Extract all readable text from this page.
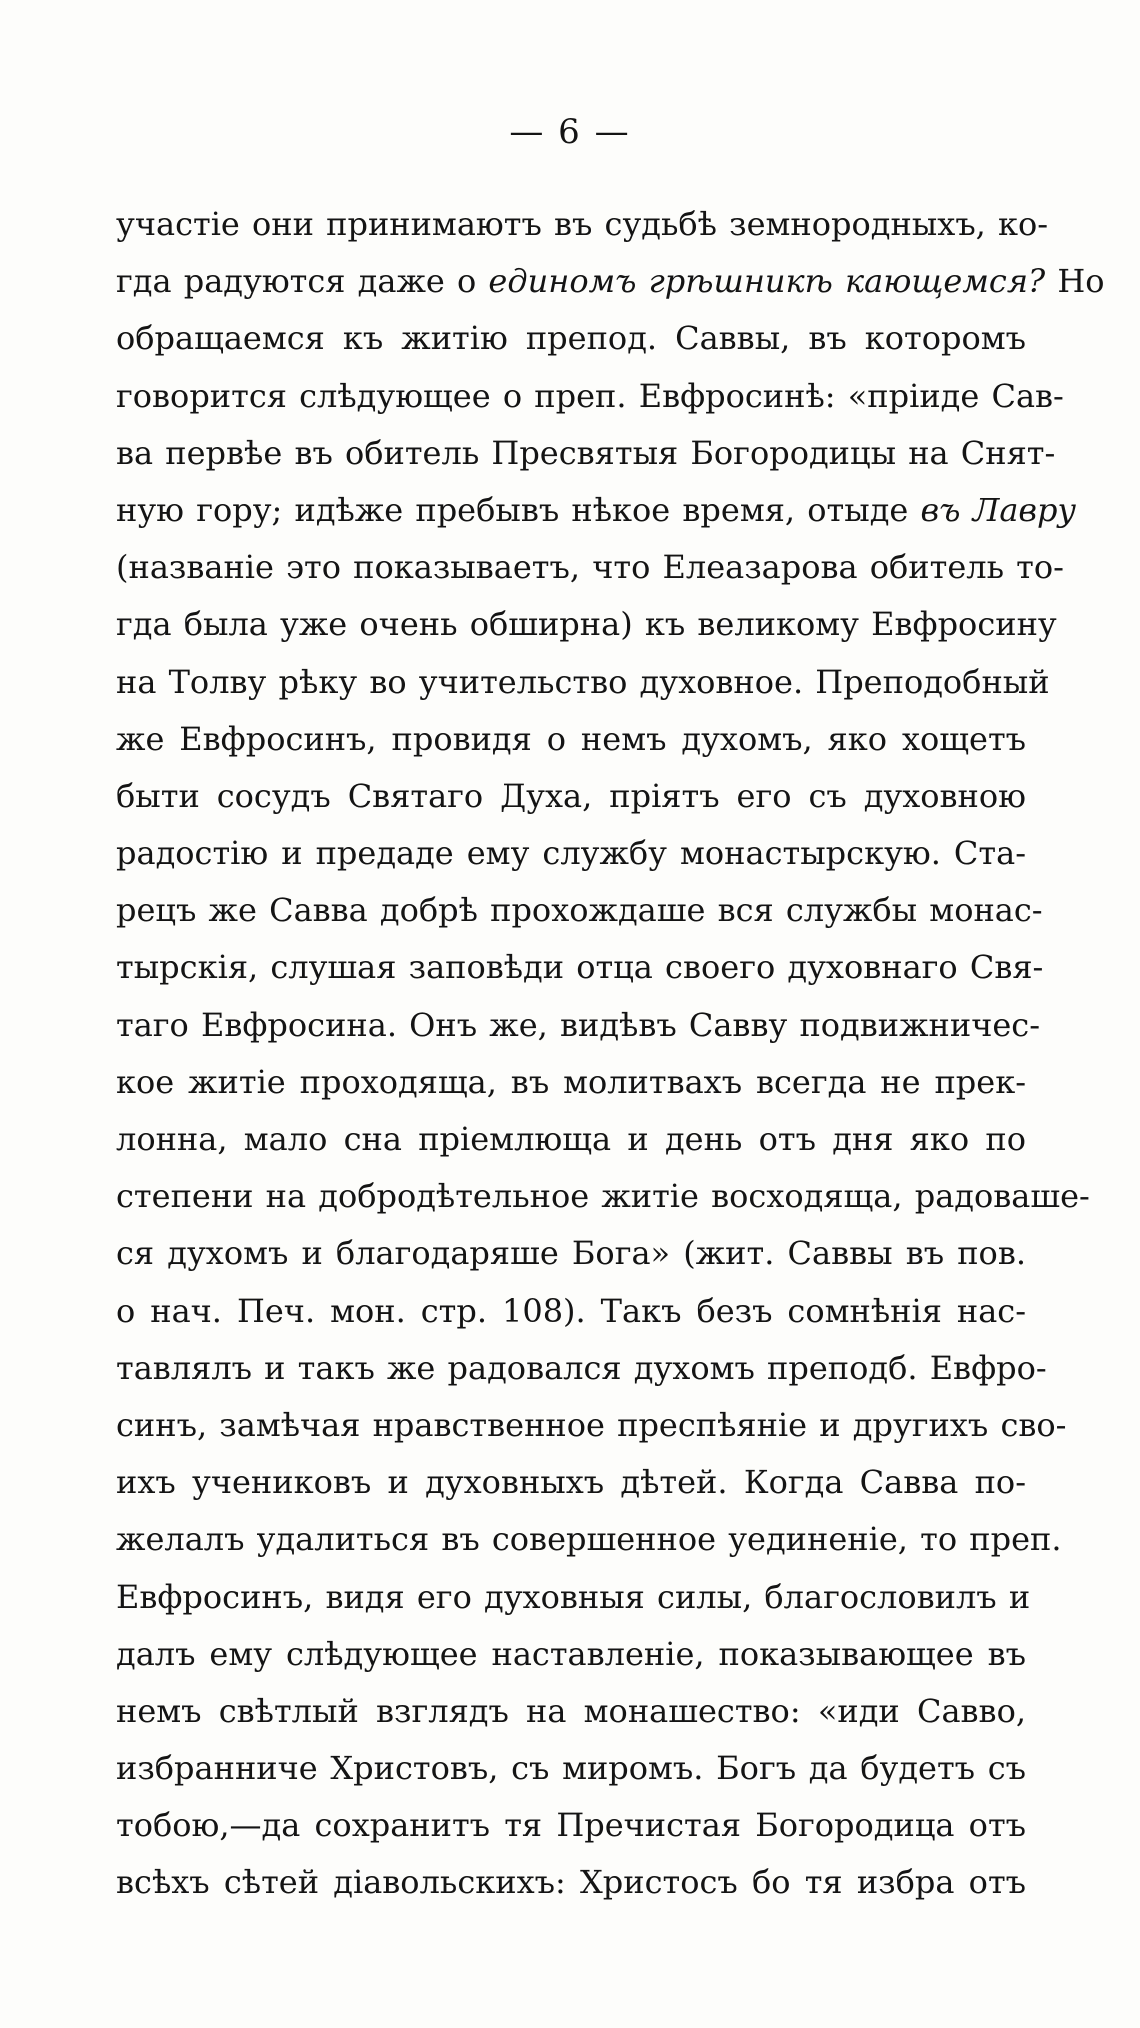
— 6 —
участіе они принимаютъ въ судьбѣ земнородныхъ, ко-
гда радуются даже о единомъ грѣшникѣ кающемся? Но
обращаемся къ житію препод. Саввы, въ которомъ
говорится слѣдующее о преп. Евфросинѣ: «пріиде Сав-
ва первѣе въ обитель Пресвятыя Богородицы на Снят-
ную гору; идѣже пребывъ нѣкое время, отыде въ Лавру
(названіе это показываетъ, что Елеазарова обитель то-
гда была уже очень обширна) къ великому Евфросину
на Толву рѣку во учительство духовное. Преподобный
же Евфросинъ, провидя о немъ духомъ, яко хощетъ
быти сосудъ Святаго Духа, пріятъ его съ духовною
радостію и предаде ему службу монастырскую. Ста-
рецъ же Савва добрѣ прохождаше вся службы монас-
тырскія, слушая заповѣди отца своего духовнаго Свя-
таго Евфросина. Онъ же, видѣвъ Савву подвижничес-
кое житіе проходяща, въ молитвахъ всегда не прек-
лонна, мало сна пріемлюща и день отъ дня яко по
степени на добродѣтельное житіе восходяща, радоваше-
ся духомъ и благодаряше Бога» (жит. Саввы въ пов.
о нач. Печ. мон. стр. 108). Такъ безъ сомнѣнія нас-
тавлялъ и такъ же радовался духомъ преподб. Евфро-
синъ, замѣчая нравственное преспѣяніе и другихъ сво-
ихъ учениковъ и духовныхъ дѣтей. Когда Савва по-
желалъ удалиться въ совершенное уединеніе, то преп.
Евфросинъ, видя его духовныя силы, благословилъ и
далъ ему слѣдующее наставленіе, показывающее въ
немъ свѣтлый взглядъ на монашество: «иди Савво,
избранниче Христовъ, съ миромъ. Богъ да будетъ съ
тобою,—да сохранитъ тя Пречистая Богородица отъ
всѣхъ сѣтей діавольскихъ: Христосъ бо тя избра отъ
